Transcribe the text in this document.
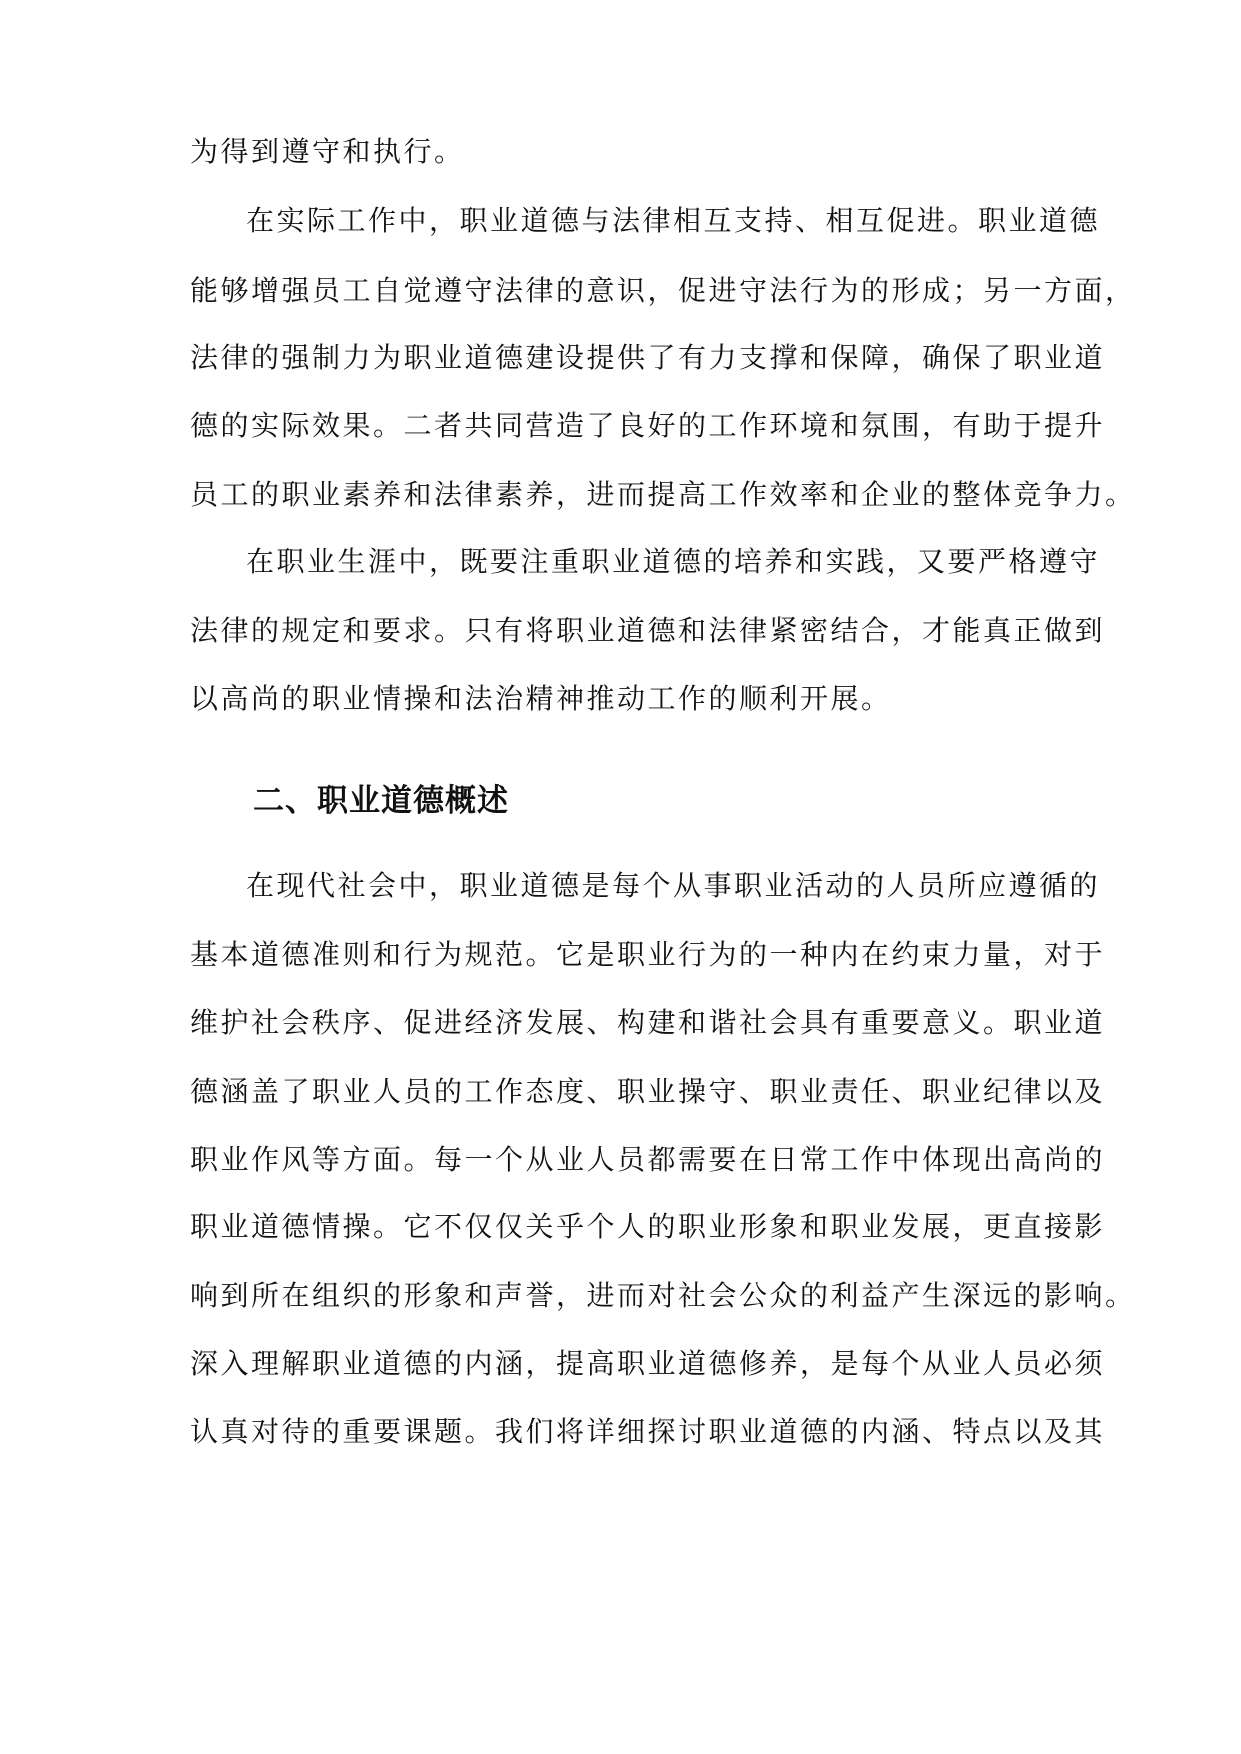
为得到遵守和执行。
在实际工作中，职业道德与法律相互支持、相互促进。职业道德
能够增强员工自觉遵守法律的意识，促进守法行为的形成；另一方面，
法律的强制力为职业道德建设提供了有力支撑和保障，确保了职业道
德的实际效果。二者共同营造了良好的工作环境和氛围，有助于提升
员工的职业素养和法律素养，进而提高工作效率和企业的整体竞争力。
在职业生涯中，既要注重职业道德的培养和实践，又要严格遵守
法律的规定和要求。只有将职业道德和法律紧密结合，才能真正做到
以高尚的职业情操和法治精神推动工作的顺利开展。
二、职业道德概述
在现代社会中，职业道德是每个从事职业活动的人员所应遵循的
基本道德准则和行为规范。它是职业行为的一种内在约束力量，对于
维护社会秩序、促进经济发展、构建和谐社会具有重要意义。职业道
德涵盖了职业人员的工作态度、职业操守、职业责任、职业纪律以及
职业作风等方面。每一个从业人员都需要在日常工作中体现出高尚的
职业道德情操。它不仅仅关乎个人的职业形象和职业发展，更直接影
响到所在组织的形象和声誉，进而对社会公众的利益产生深远的影响。
深入理解职业道德的内涵，提高职业道德修养，是每个从业人员必须
认真对待的重要课题。我们将详细探讨职业道德的内涵、特点以及其
